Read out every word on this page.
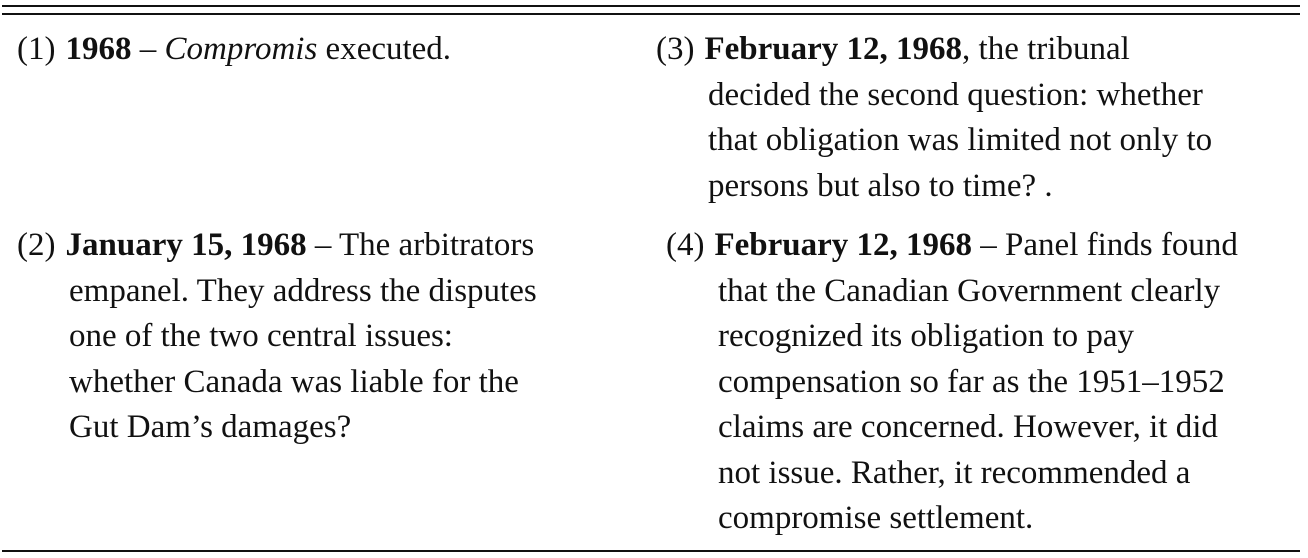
(1) 1968 – Compromis executed.	(3) February 12, 1968, the tribunal
decided the second question: whether
that obligation was limited not only to
persons but also to time? .
(2) January 15, 1968 – The arbitrators
empanel. They address the disputes
one of the two central issues:
whether Canada was liable for the
Gut Dam’s damages?
(4) February 12, 1968 – Panel finds found
that the Canadian Government clearly
recognized its obligation to pay
compensation so far as the 1951–1952
claims are concerned. However, it did
not issue. Rather, it recommended a
compromise settlement.
